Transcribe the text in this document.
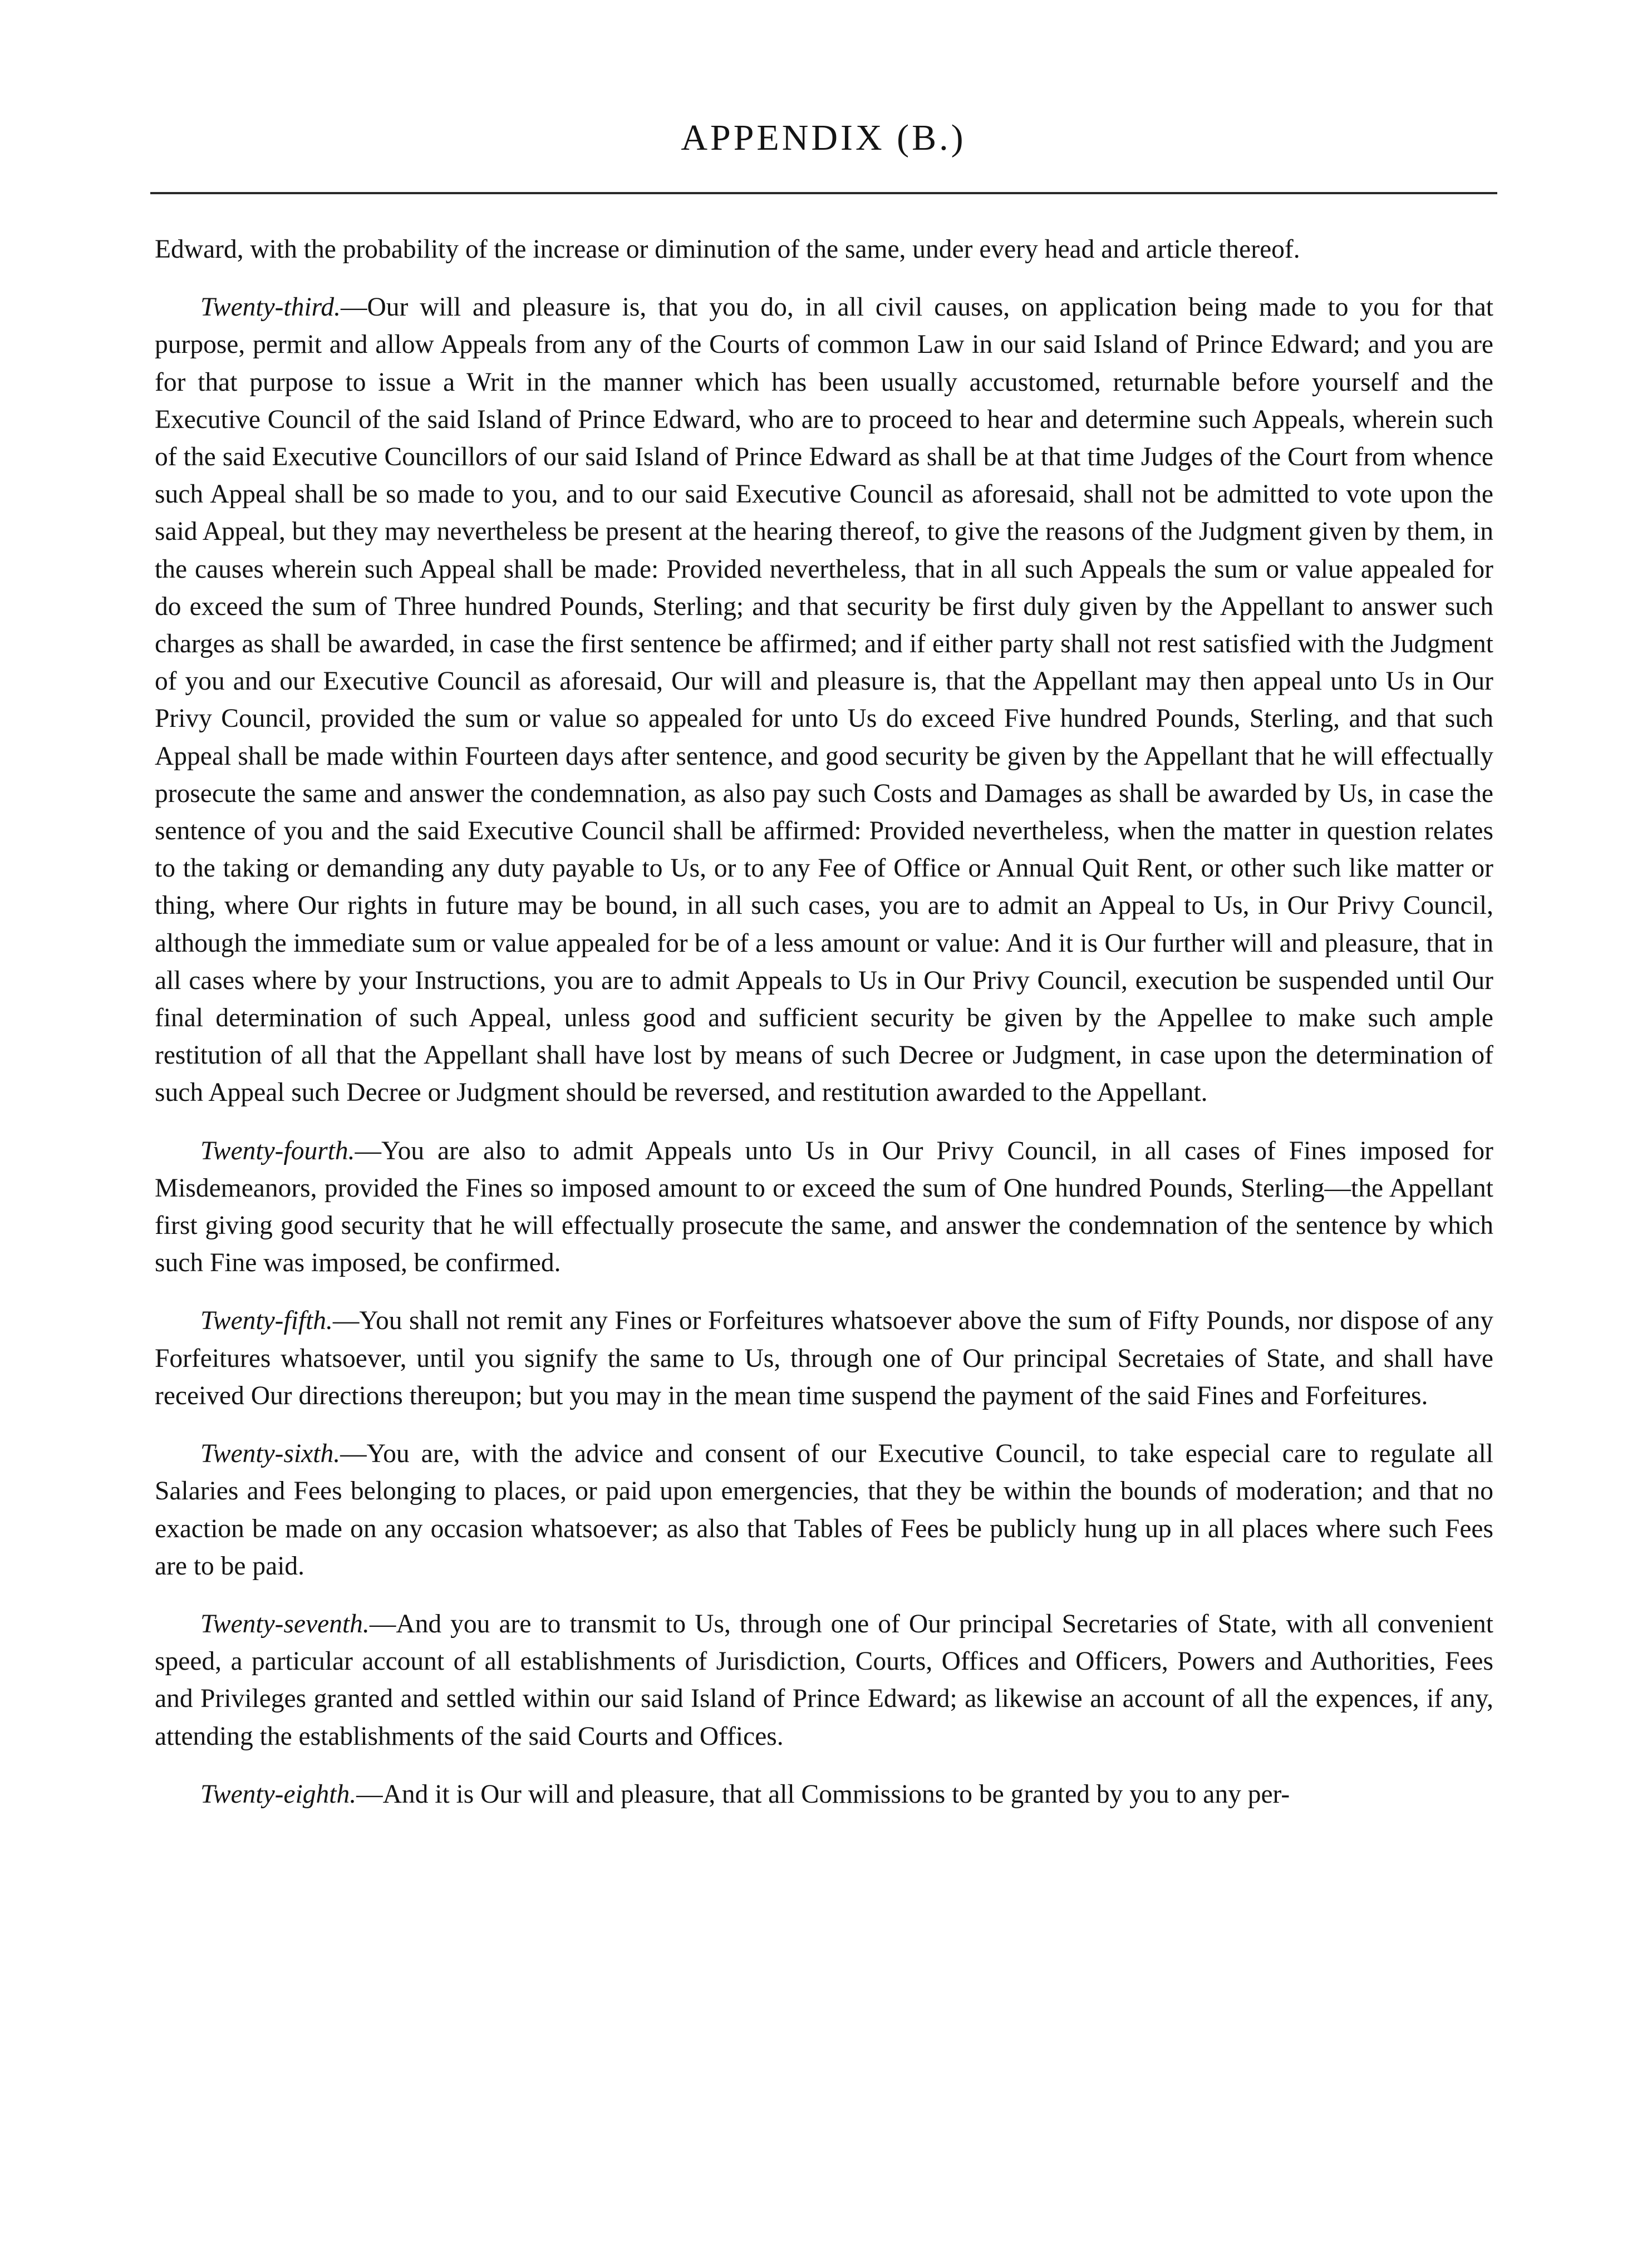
APPENDIX (B.)

Edward, with the probability of the increase or diminution of the same, under every head and article thereof.

Twenty-third.—Our will and pleasure is, that you do, in all civil causes, on application being made to you for that purpose, permit and allow Appeals from any of the Courts of common Law in our said Island of Prince Edward; and you are for that purpose to issue a Writ in the manner which has been usually accustomed, returnable before yourself and the Executive Council of the said Island of Prince Edward, who are to proceed to hear and determine such Appeals, wherein such of the said Executive Councillors of our said Island of Prince Edward as shall be at that time Judges of the Court from whence such Appeal shall be so made to you, and to our said Executive Council as aforesaid, shall not be admitted to vote upon the said Appeal, but they may nevertheless be present at the hearing thereof, to give the reasons of the Judgment given by them, in the causes wherein such Appeal shall be made: Provided nevertheless, that in all such Appeals the sum or value appealed for do exceed the sum of Three hundred Pounds, Sterling; and that security be first duly given by the Appellant to answer such charges as shall be awarded, in case the first sentence be affirmed; and if either party shall not rest satisfied with the Judgment of you and our Executive Council as aforesaid, Our will and pleasure is, that the Appellant may then appeal unto Us in Our Privy Council, provided the sum or value so appealed for unto Us do exceed Five hundred Pounds, Sterling, and that such Appeal shall be made within Fourteen days after sentence, and good security be given by the Appellant that he will effectually prosecute the same and answer the condemnation, as also pay such Costs and Damages as shall be awarded by Us, in case the sentence of you and the said Executive Council shall be affirmed: Provided nevertheless, when the matter in question relates to the taking or demanding any duty payable to Us, or to any Fee of Office or Annual Quit Rent, or other such like matter or thing, where Our rights in future may be bound, in all such cases, you are to admit an Appeal to Us, in Our Privy Council, although the immediate sum or value appealed for be of a less amount or value: And it is Our further will and pleasure, that in all cases where by your Instructions, you are to admit Appeals to Us in Our Privy Council, execution be suspended until Our final determination of such Appeal, unless good and sufficient security be given by the Appellee to make such ample restitution of all that the Appellant shall have lost by means of such Decree or Judgment, in case upon the determination of such Appeal such Decree or Judgment should be reversed, and restitution awarded to the Appellant.

Twenty-fourth.—You are also to admit Appeals unto Us in Our Privy Council, in all cases of Fines imposed for Misdemeanors, provided the Fines so imposed amount to or exceed the sum of One hundred Pounds, Sterling—the Appellant first giving good security that he will effectually prosecute the same, and answer the condemnation of the sentence by which such Fine was imposed, be confirmed.

Twenty-fifth.—You shall not remit any Fines or Forfeitures whatsoever above the sum of Fifty Pounds, nor dispose of any Forfeitures whatsoever, until you signify the same to Us, through one of Our principal Secretaies of State, and shall have received Our directions thereupon; but you may in the mean time suspend the payment of the said Fines and Forfeitures.

Twenty-sixth.—You are, with the advice and consent of our Executive Council, to take especial care to regulate all Salaries and Fees belonging to places, or paid upon emergencies, that they be within the bounds of moderation; and that no exaction be made on any occasion whatsoever; as also that Tables of Fees be publicly hung up in all places where such Fees are to be paid.

Twenty-seventh.—And you are to transmit to Us, through one of Our principal Secretaries of State, with all convenient speed, a particular account of all establishments of Jurisdiction, Courts, Offices and Officers, Powers and Authorities, Fees and Privileges granted and settled within our said Island of Prince Edward; as likewise an account of all the expences, if any, attending the establishments of the said Courts and Offices.

Twenty-eighth.—And it is Our will and pleasure, that all Commissions to be granted by you to any per-
